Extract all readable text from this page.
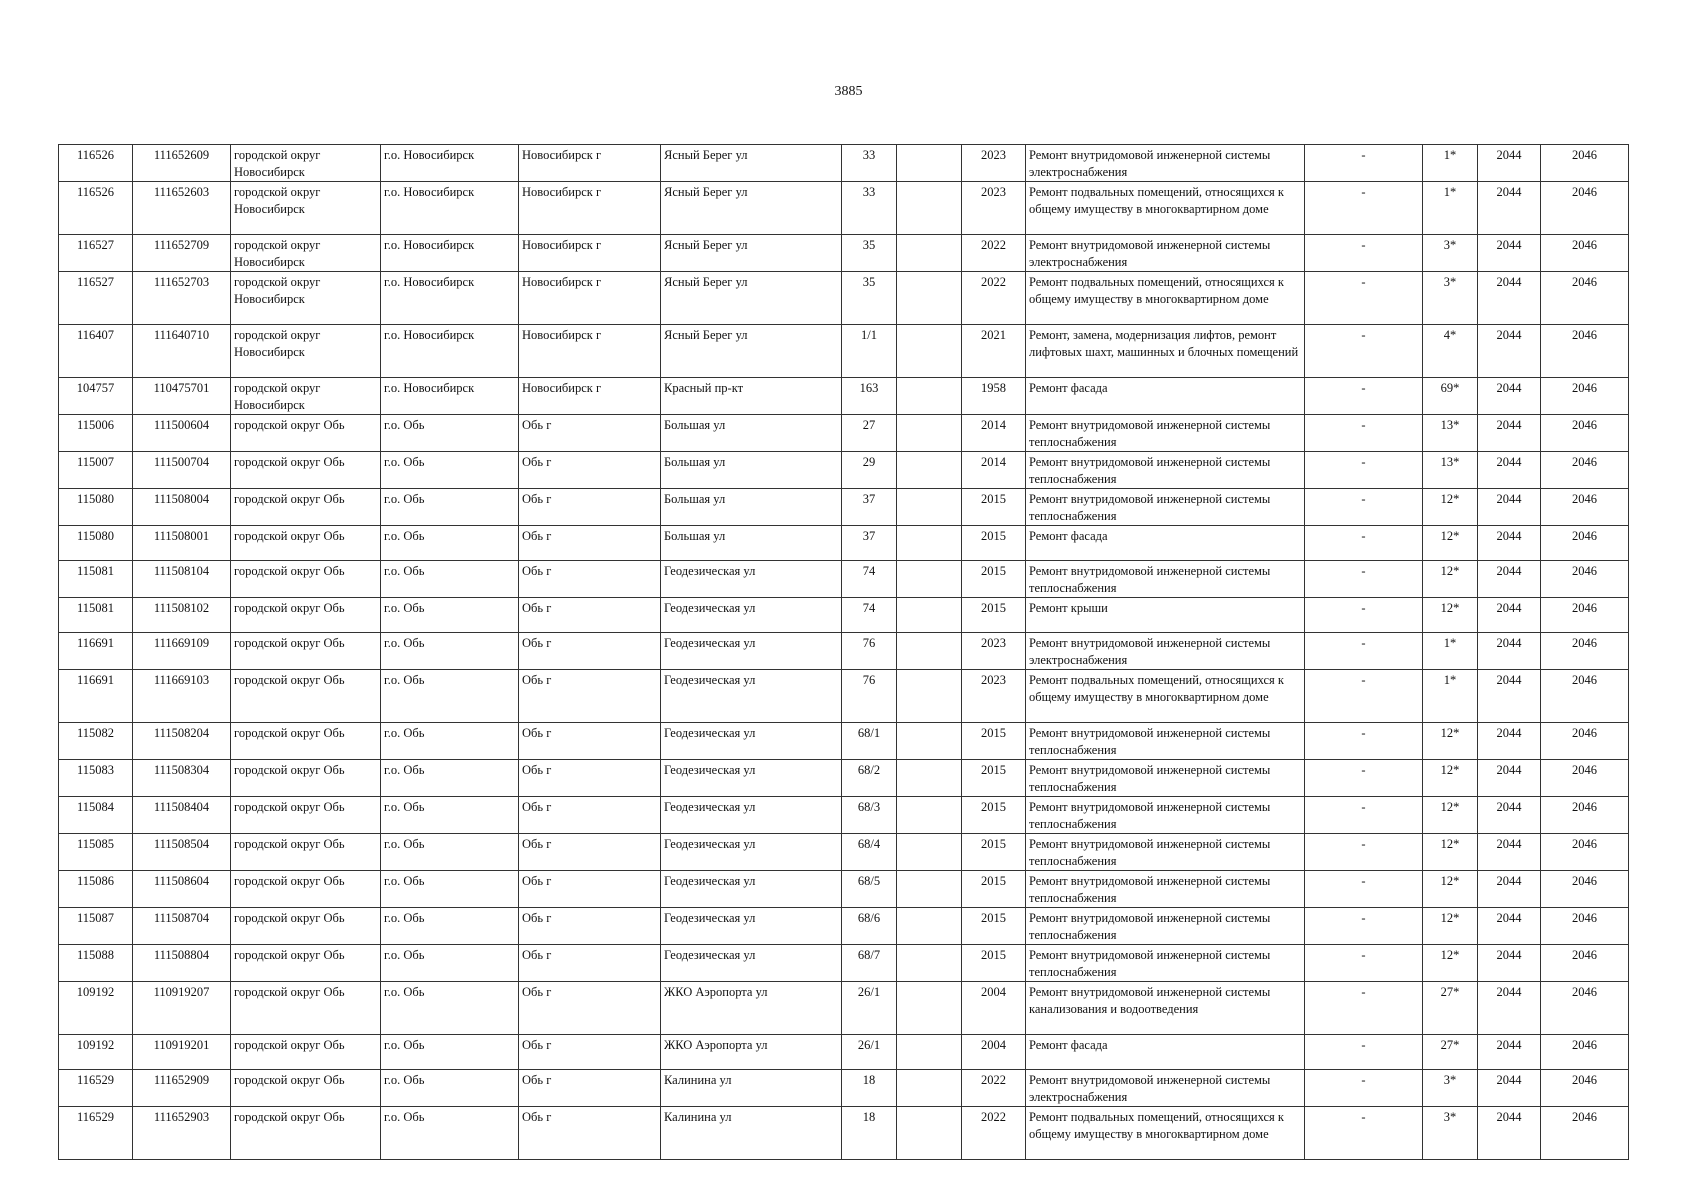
3885
116526	111652609	городской округ Новосибирск	г.о. Новосибирск	Новосибирск г	Ясный Берег ул	33		2023	Ремонт внутридомовой инженерной системы электроснабжения	-	1*	2044	2046
116526	111652603	городской округ Новосибирск	г.о. Новосибирск	Новосибирск г	Ясный Берег ул	33		2023	Ремонт подвальных помещений, относящихся к общему имуществу в многоквартирном доме	-	1*	2044	2046
116527	111652709	городской округ Новосибирск	г.о. Новосибирск	Новосибирск г	Ясный Берег ул	35		2022	Ремонт внутридомовой инженерной системы электроснабжения	-	3*	2044	2046
116527	111652703	городской округ Новосибирск	г.о. Новосибирск	Новосибирск г	Ясный Берег ул	35		2022	Ремонт подвальных помещений, относящихся к общему имуществу в многоквартирном доме	-	3*	2044	2046
116407	111640710	городской округ Новосибирск	г.о. Новосибирск	Новосибирск г	Ясный Берег ул	1/1		2021	Ремонт, замена, модернизация лифтов, ремонт лифтовых шахт, машинных и блочных помещений	-	4*	2044	2046
104757	110475701	городской округ Новосибирск	г.о. Новосибирск	Новосибирск г	Красный пр-кт	163		1958	Ремонт фасада	-	69*	2044	2046
115006	111500604	городской округ Обь	г.о. Обь	Обь г	Большая ул	27		2014	Ремонт внутридомовой инженерной системы теплоснабжения	-	13*	2044	2046
115007	111500704	городской округ Обь	г.о. Обь	Обь г	Большая ул	29		2014	Ремонт внутридомовой инженерной системы теплоснабжения	-	13*	2044	2046
115080	111508004	городской округ Обь	г.о. Обь	Обь г	Большая ул	37		2015	Ремонт внутридомовой инженерной системы теплоснабжения	-	12*	2044	2046
115080	111508001	городской округ Обь	г.о. Обь	Обь г	Большая ул	37		2015	Ремонт фасада	-	12*	2044	2046
115081	111508104	городской округ Обь	г.о. Обь	Обь г	Геодезическая ул	74		2015	Ремонт внутридомовой инженерной системы теплоснабжения	-	12*	2044	2046
115081	111508102	городской округ Обь	г.о. Обь	Обь г	Геодезическая ул	74		2015	Ремонт крыши	-	12*	2044	2046
116691	111669109	городской округ Обь	г.о. Обь	Обь г	Геодезическая ул	76		2023	Ремонт внутридомовой инженерной системы электроснабжения	-	1*	2044	2046
116691	111669103	городской округ Обь	г.о. Обь	Обь г	Геодезическая ул	76		2023	Ремонт подвальных помещений, относящихся к общему имуществу в многоквартирном доме	-	1*	2044	2046
115082	111508204	городской округ Обь	г.о. Обь	Обь г	Геодезическая ул	68/1		2015	Ремонт внутридомовой инженерной системы теплоснабжения	-	12*	2044	2046
115083	111508304	городской округ Обь	г.о. Обь	Обь г	Геодезическая ул	68/2		2015	Ремонт внутридомовой инженерной системы теплоснабжения	-	12*	2044	2046
115084	111508404	городской округ Обь	г.о. Обь	Обь г	Геодезическая ул	68/3		2015	Ремонт внутридомовой инженерной системы теплоснабжения	-	12*	2044	2046
115085	111508504	городской округ Обь	г.о. Обь	Обь г	Геодезическая ул	68/4		2015	Ремонт внутридомовой инженерной системы теплоснабжения	-	12*	2044	2046
115086	111508604	городской округ Обь	г.о. Обь	Обь г	Геодезическая ул	68/5		2015	Ремонт внутридомовой инженерной системы теплоснабжения	-	12*	2044	2046
115087	111508704	городской округ Обь	г.о. Обь	Обь г	Геодезическая ул	68/6		2015	Ремонт внутридомовой инженерной системы теплоснабжения	-	12*	2044	2046
115088	111508804	городской округ Обь	г.о. Обь	Обь г	Геодезическая ул	68/7		2015	Ремонт внутридомовой инженерной системы теплоснабжения	-	12*	2044	2046
109192	110919207	городской округ Обь	г.о. Обь	Обь г	ЖКО Аэропорта ул	26/1		2004	Ремонт внутридомовой инженерной системы канализования и водоотведения	-	27*	2044	2046
109192	110919201	городской округ Обь	г.о. Обь	Обь г	ЖКО Аэропорта ул	26/1		2004	Ремонт фасада	-	27*	2044	2046
116529	111652909	городской округ Обь	г.о. Обь	Обь г	Калинина ул	18		2022	Ремонт внутридомовой инженерной системы электроснабжения	-	3*	2044	2046
116529	111652903	городской округ Обь	г.о. Обь	Обь г	Калинина ул	18		2022	Ремонт подвальных помещений, относящихся к общему имуществу в многоквартирном доме	-	3*	2044	2046
